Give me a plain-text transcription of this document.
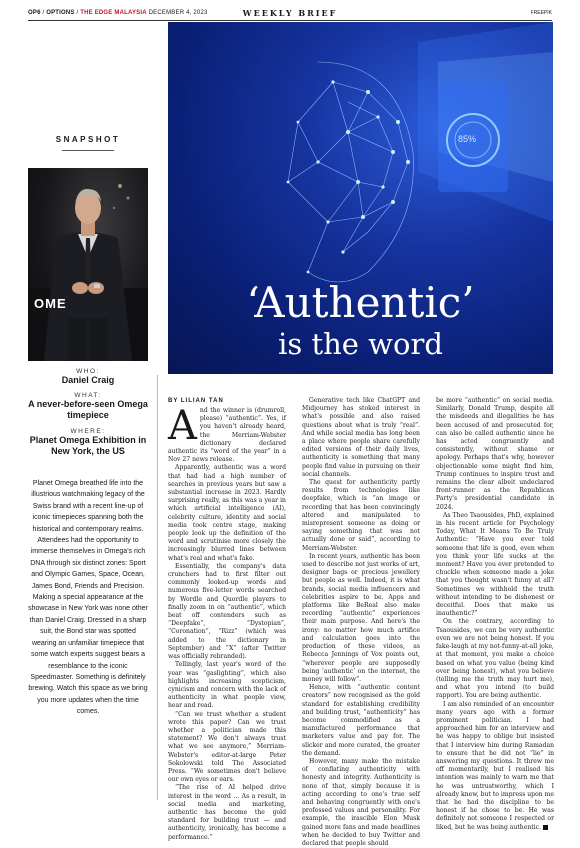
OP6 / OPTIONS / THE EDGE MALAYSIA DECEMBER 4, 2023	WEEKLY BRIEF	FREEPIK
SNAPSHOT
OME
WHO:
Daniel Craig
WHAT:
A never-before-seen Omega timepiece
WHERE:
Planet Omega Exhibition in New York, the US
Planet Omega breathed life into the illustrious watchmaking legacy of the Swiss brand with a recent line-up of iconic timepieces spanning both the historical and contemporary realms. Attendees had the opportunity to immerse themselves in Omega's rich DNA through six distinct zones: Sport and Olympic Games, Space, Ocean, James Bond, Friends and Precision. Making a special appearance at the showcase in New York was none other than Daniel Craig. Dressed in a sharp suit, the Bond star was spotted wearing an unfamiliar timepiece that some watch experts suggest bears a resemblance to the iconic Speedmaster. Something is definitely brewing. Watch this space as we bring you more updates when the time comes.
85%
‘Authentic’
is the word
BY LILIAN TAN

And the winner is (drumroll, please) “authentic”. Yes, if you haven't already heard, the Merriam-Webster dictionary declared authentic its “word of the year” in a Nov 27 news release.

Apparently, authentic was a word that had had a high number of searches in previous years but saw a substantial increase in 2023. Hardly surprising really, as this was a year in which artificial intelligence (AI), celebrity culture, identity and social media took centre stage, making people look up the definition of the word and scrutinise more closely the increasingly blurred lines between what's real and what's fake.

Essentially, the company's data crunchers had to first filter out commonly looked-up words and numerous five-letter words searched by Wordle and Quordle players to finally zoom in on “authentic”, which beat off contenders such as “Deepfake”, “Dystopian”, “Coronation”, “Rizz” (which was added to the dictionary in September) and “X” (after Twitter was officially rebranded).

Tellingly, last year's word of the year was “gaslighting”, which also highlights increasing scepticism, cynicism and concern with the lack of authenticity in what people view, hear and read.

“Can we trust whether a student wrote this paper? Can we trust whether a politician made this statement? We don't always trust what we see anymore,” Merriam-Webster's editor-at-large Peter Sokolowski told The Associated Press. “We sometimes don't believe our own eyes or ears.

“The rise of AI helped drive interest in the word ... As a result, in social media and marketing, authentic has become the gold standard for building trust — and authenticity, ironically, has become a performance.”

Generative tech like ChatGPT and Midjourney has stoked interest in what's possible and also raised questions about what is truly “real”. And while social media has long been a place where people share carefully edited versions of their daily lives, authenticity is something that many people find value in pursuing on their social channels.

The quest for authenticity partly results from technologies like deepfake, which is “an image or recording that has been convincingly altered and manipulated to misrepresent someone as doing or saying something that was not actually done or said”, according to Merriam-Webster.

In recent years, authentic has been used to describe not just works of art, designer bags or precious jewellery but people as well. Indeed, it is what brands, social media influencers and celebrities aspire to be. Apps and platforms like BeReal also make recording “authentic” experiences their main purpose. And here's the irony: no matter how much artifice and calculation goes into the production of these videos, as Rebecca Jennings of Vox points out, “wherever people are supposedly being ‘authentic’ on the internet, the money will follow”.

Hence, with “authentic content creators” now recognised as the gold standard for establishing credibility and building trust, “authenticity” has become commodified as a manufactured performance that marketers value and pay for. The slicker and more curated, the greater the demand.

However, many make the mistake of conflating authenticity with honesty and integrity. Authenticity is none of that, simply because it is acting according to one's true self and behaving congruently with one's professed values and personality. For example, the irascible Elon Musk gained more fans and made headlines when he decided to buy Twitter and declared that people should

be more “authentic” on social media. Similarly, Donald Trump, despite all the misdeeds and illegalities he has been accused of and prosecuted for, can also be called authentic since he has acted congruently and consistently, without shame or apology. Perhaps that's why, however objectionable some might find him, Trump continues to inspire trust and remains the clear albeit undeclared front-runner as the Republican Party's presidential candidate in 2024.

As Theo Tsaousides, PhD, explained in his recent article for Psychology Today, What It Means To Be Truly Authentic: “Have you ever told someone that life is good, even when you think your life sucks at the moment? Have you ever pretended to chuckle when someone made a joke that you thought wasn't funny at all? Sometimes we withhold the truth without intending to be dishonest or deceitful. Does that make us inauthentic?”

On the contrary, according to Tsaousides, we can be very authentic even we are not being honest. If you fake-laugh at my not-funny-at-all joke, at that moment, you make a choice based on what you value (being kind over being honest), what you believe (telling me the truth may hurt me), and what you intend (to build rapport). You are being authentic.

I am also reminded of an encounter many years ago with a former prominent politician. I had approached him for an interview and he was happy to oblige but insisted that I interview him during Ramadan to ensure that he did not “lie” in answering my questions. It threw me off momentarily, but I realised his intention was mainly to warn me that he was untrustworthy, which I already knew, but to impress upon me that he had the discipline to be honest if he chose to be. He was definitely not someone I respected or liked, but he was being authentic.
